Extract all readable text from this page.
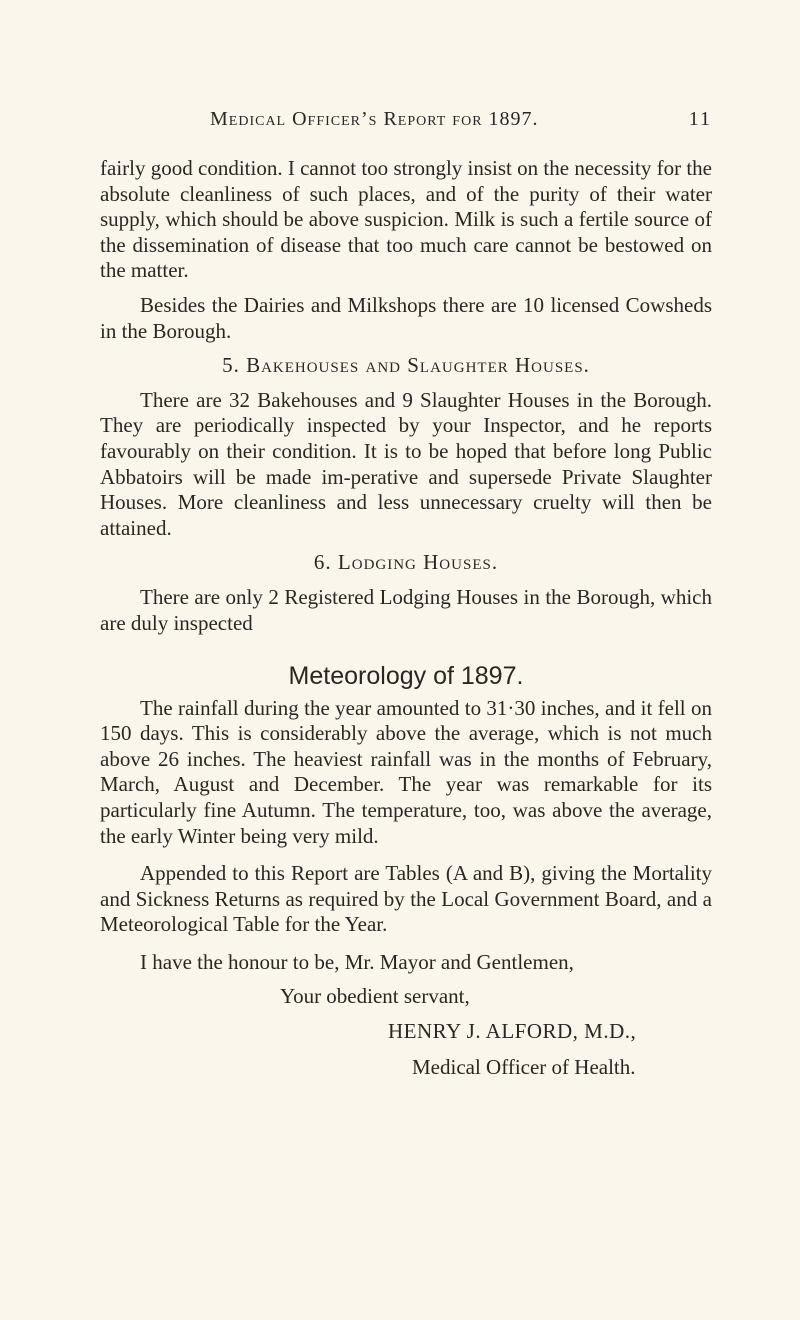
Medical Officer’s Report for 1897.	11

fairly good condition. I cannot too strongly insist on the necessity for the absolute cleanliness of such places, and of the purity of their water supply, which should be above suspicion. Milk is such a fertile source of the dissemination of disease that too much care cannot be bestowed on the matter.

Besides the Dairies and Milkshops there are 10 licensed Cowsheds in the Borough.

5. Bakehouses and Slaughter Houses.

There are 32 Bakehouses and 9 Slaughter Houses in the Borough. They are periodically inspected by your Inspector, and he reports favourably on their condition. It is to be hoped that before long Public Abbatoirs will be made im-perative and supersede Private Slaughter Houses. More cleanliness and less unnecessary cruelty will then be attained.

6. Lodging Houses.

There are only 2 Registered Lodging Houses in the Borough, which are duly inspected

Meteorology of 1897.

The rainfall during the year amounted to 31·30 inches, and it fell on 150 days. This is considerably above the average, which is not much above 26 inches. The heaviest rainfall was in the months of February, March, August and December. The year was remarkable for its particularly fine Autumn. The temperature, too, was above the average, the early Winter being very mild.

Appended to this Report are Tables (A and B), giving the Mortality and Sickness Returns as required by the Local Government Board, and a Meteorological Table for the Year.

I have the honour to be, Mr. Mayor and Gentlemen,
Your obedient servant,
HENRY J. ALFORD, M.D.,
Medical Officer of Health.
